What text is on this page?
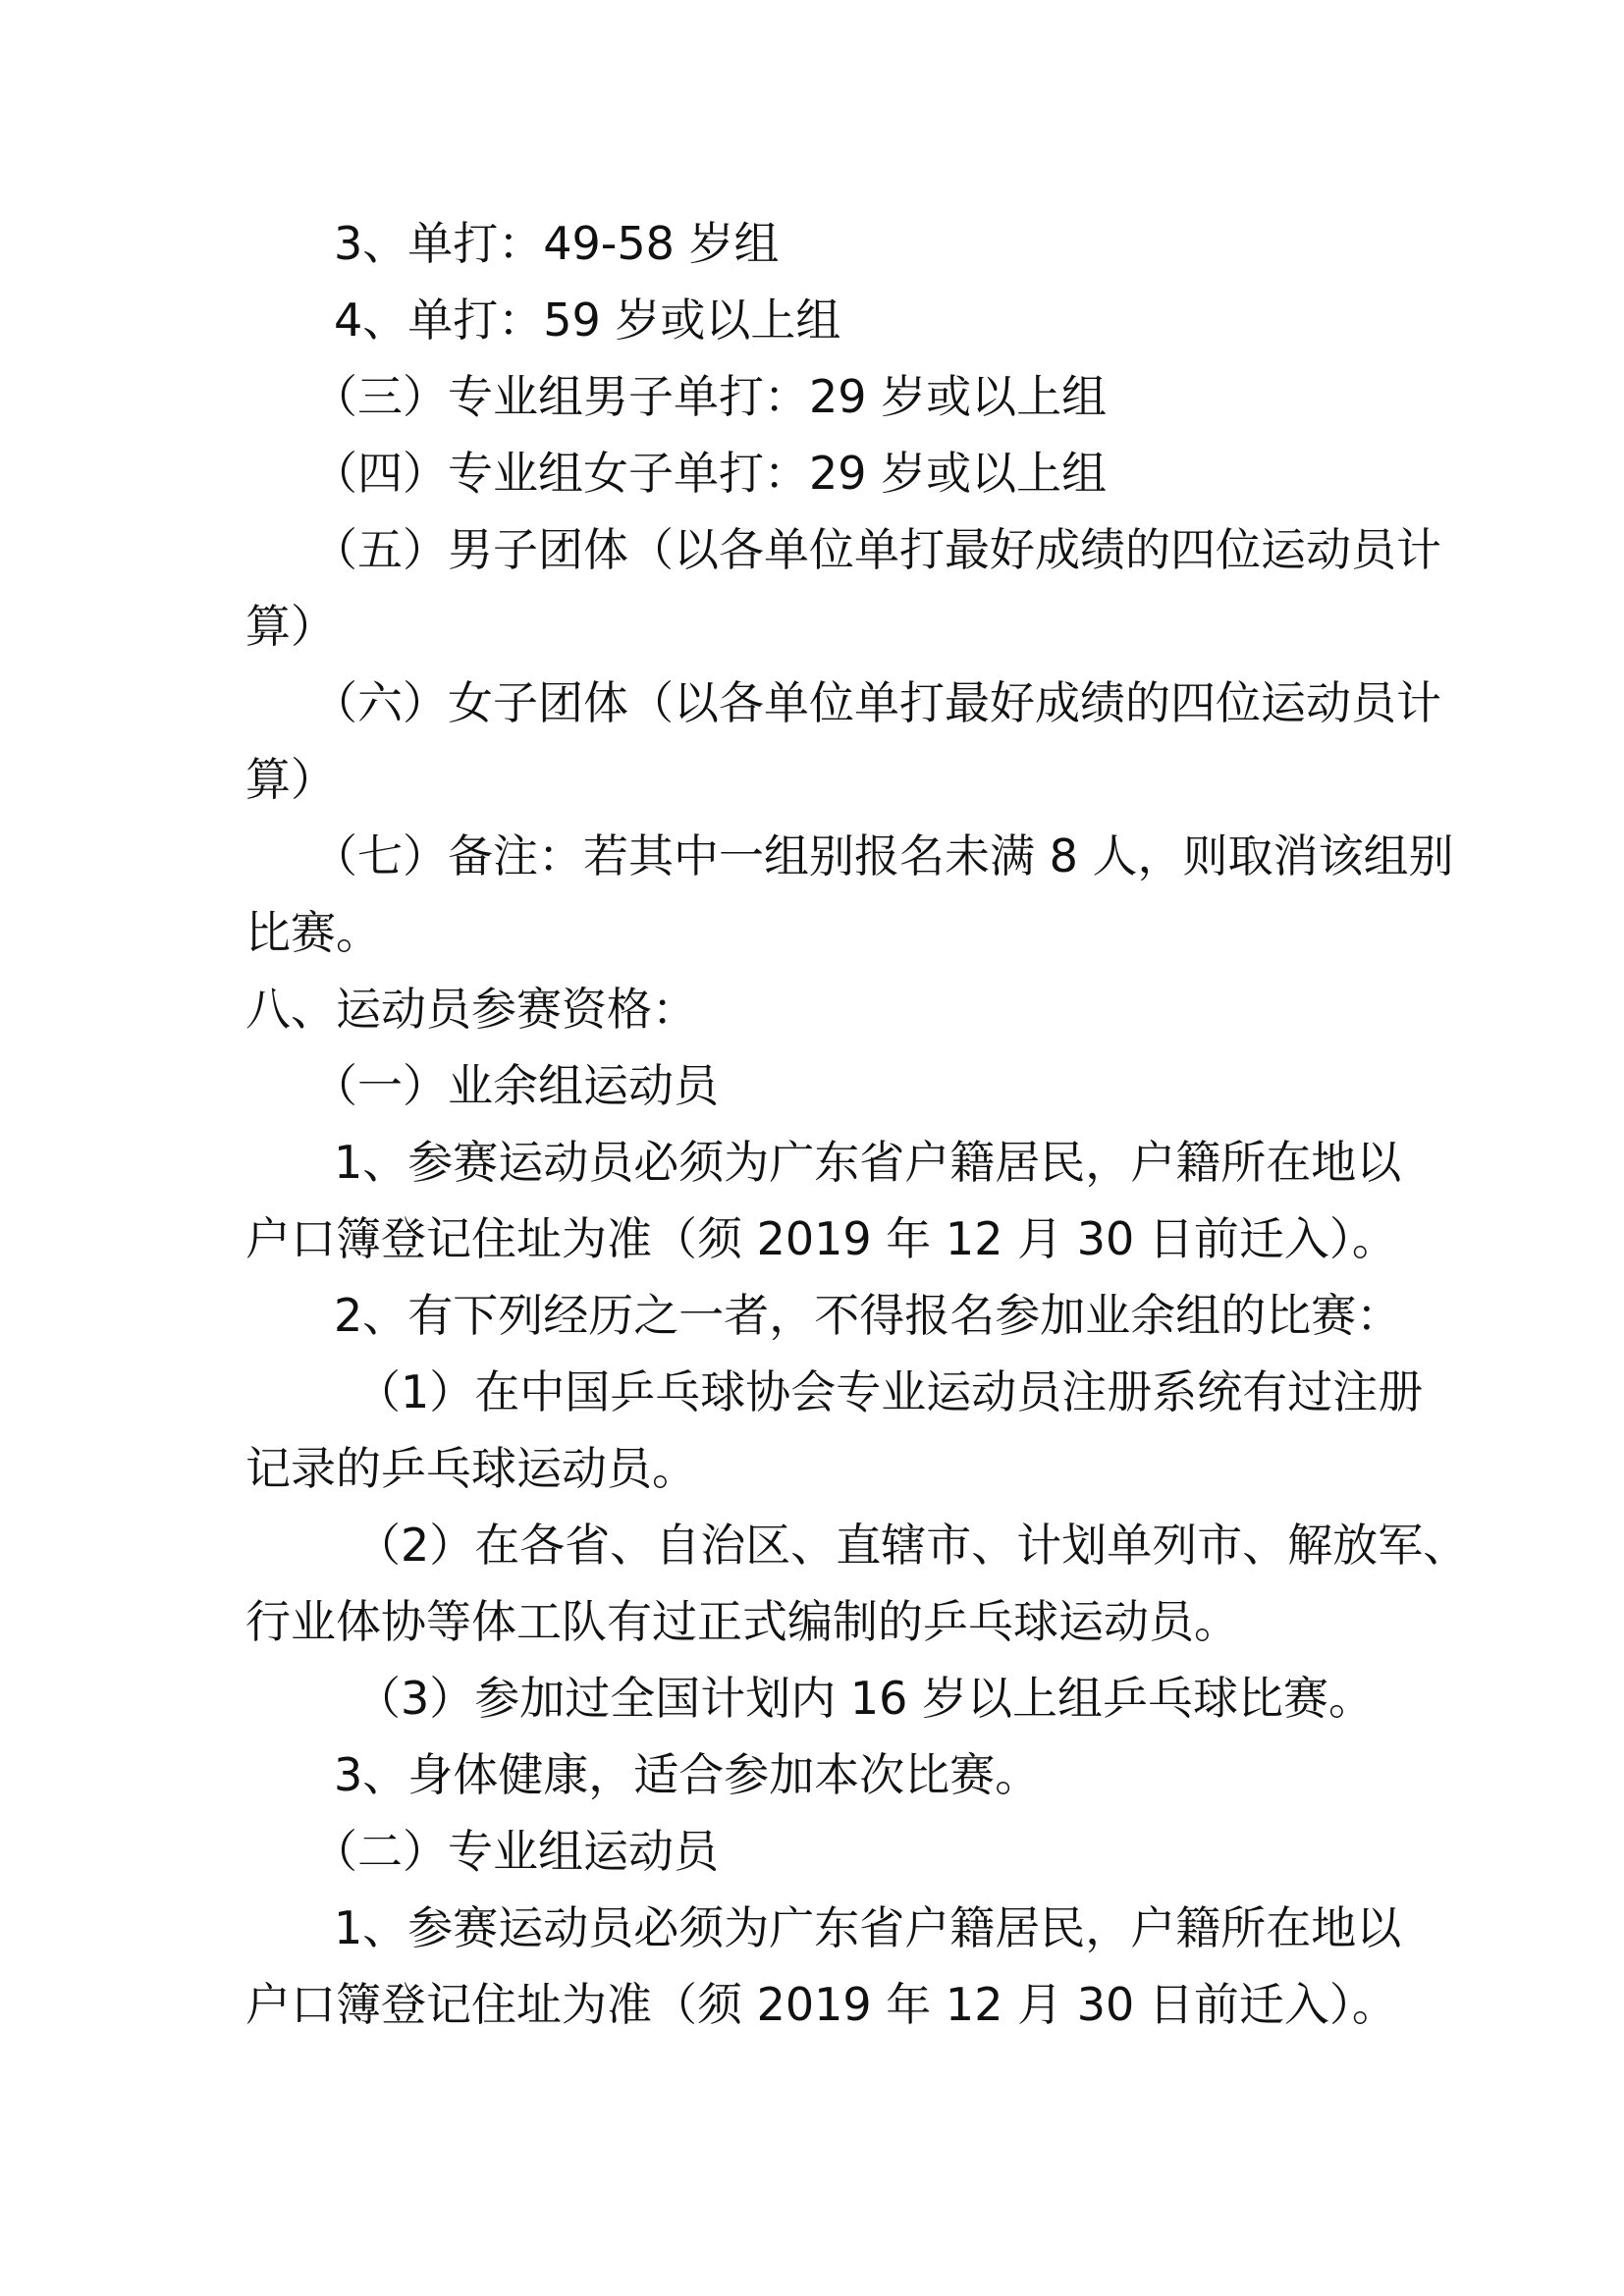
3、单打：49-58 岁组
4、单打：59 岁或以上组
（三）专业组男子单打：29 岁或以上组
（四）专业组女子单打：29 岁或以上组
（五）男子团体（以各单位单打最好成绩的四位运动员计
算）
（六）女子团体（以各单位单打最好成绩的四位运动员计
算）
（七）备注：若其中一组别报名未满 8 人，则取消该组别
比赛。
八、运动员参赛资格：
（一）业余组运动员
1、参赛运动员必须为广东省户籍居民，户籍所在地以
户口簿登记住址为准（须 2019 年 12 月 30 日前迁入）。
2、有下列经历之一者，不得报名参加业余组的比赛：
（1）在中国乒乓球协会专业运动员注册系统有过注册
记录的乒乓球运动员。
（2）在各省、自治区、直辖市、计划单列市、解放军、
行业体协等体工队有过正式编制的乒乓球运动员。
（3）参加过全国计划内 16 岁以上组乒乓球比赛。
3、身体健康，适合参加本次比赛。
（二）专业组运动员
1、参赛运动员必须为广东省户籍居民，户籍所在地以
户口簿登记住址为准（须 2019 年 12 月 30 日前迁入）。
